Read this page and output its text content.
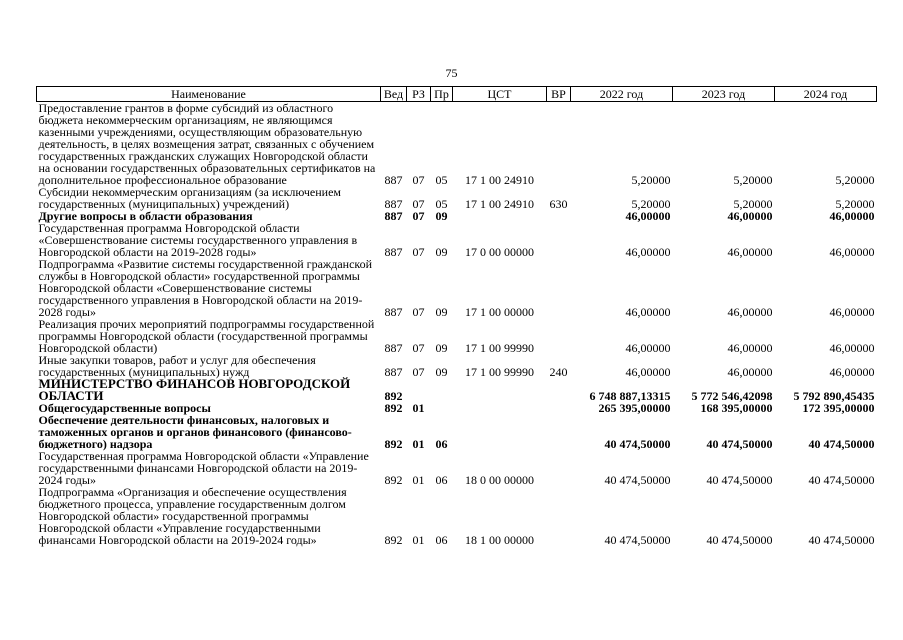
75
Наименование	Вед	РЗ	Пр	ЦСТ	ВР	2022 год	2023 год	2024 год
Предоставление грантов в форме субсидий из областного бюджета некоммерческим организациям, не являющимся казенными учреждениями, осуществляющим образовательную деятельность, в целях возмещения затрат, связанных с обучением государственных гражданских служащих Новгородской области на основании государственных образовательных сертификатов на дополнительное профессиональное образование	887	07	05	17 1 00 24910		5,20000	5,20000	5,20000
Субсидии некоммерческим организациям (за исключением государственных (муниципальных) учреждений)	887	07	05	17 1 00 24910	630	5,20000	5,20000	5,20000
Другие вопросы в области образования	887	07	09			46,00000	46,00000	46,00000
Государственная программа Новгородской области «Совершенствование системы государственного управления в Новгородской области на 2019-2028 годы»	887	07	09	17 0 00 00000		46,00000	46,00000	46,00000
Подпрограмма «Развитие системы государственной гражданской службы в Новгородской области» государственной программы Новгородской области «Совершенствование системы государственного управления в Новгородской области на 2019-2028 годы»	887	07	09	17 1 00 00000		46,00000	46,00000	46,00000
Реализация прочих мероприятий подпрограммы государственной программы Новгородской области (государственной программы Новгородской области)	887	07	09	17 1 00 99990		46,00000	46,00000	46,00000
Иные закупки товаров, работ и услуг для обеспечения государственных (муниципальных) нужд	887	07	09	17 1 00 99990	240	46,00000	46,00000	46,00000
МИНИСТЕРСТВО ФИНАНСОВ НОВГОРОДСКОЙ ОБЛАСТИ	892					6 748 887,13315	5 772 546,42098	5 792 890,45435
Общегосударственные вопросы	892	01				265 395,00000	168 395,00000	172 395,00000
Обеспечение деятельности финансовых, налоговых и таможенных органов и органов финансового (финансово-бюджетного) надзора	892	01	06			40 474,50000	40 474,50000	40 474,50000
Государственная программа Новгородской области «Управление государственными финансами Новгородской области на 2019-2024 годы»	892	01	06	18 0 00 00000		40 474,50000	40 474,50000	40 474,50000
Подпрограмма «Организация и обеспечение осуществления бюджетного процесса, управление государственным долгом Новгородской области» государственной программы Новгородской области «Управление государственными финансами Новгородской области на 2019-2024 годы»	892	01	06	18 1 00 00000		40 474,50000	40 474,50000	40 474,50000
